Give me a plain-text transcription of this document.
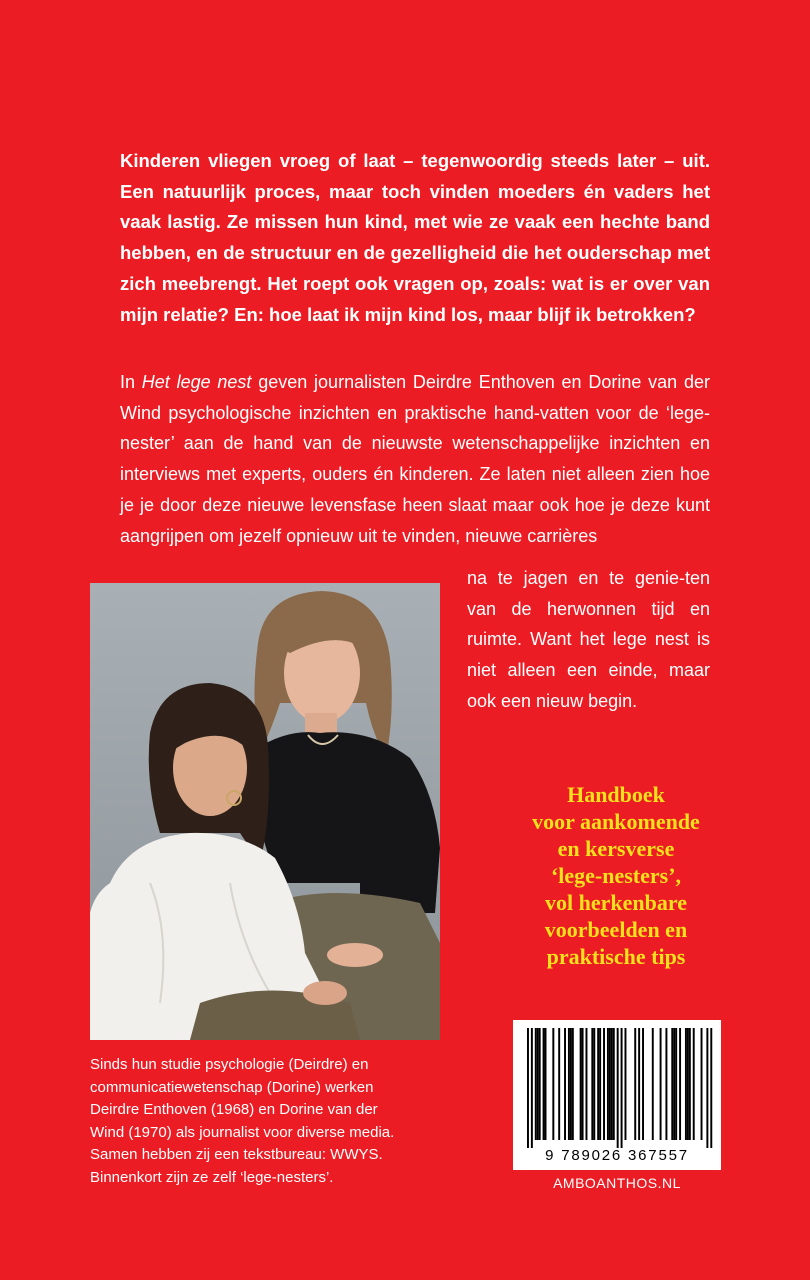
Kinderen vliegen vroeg of laat – tegenwoordig steeds later – uit. Een natuurlijk proces, maar toch vinden moeders én vaders het vaak lastig. Ze missen hun kind, met wie ze vaak een hechte band hebben, en de structuur en de gezelligheid die het ouderschap met zich meebrengt. Het roept ook vragen op, zoals: wat is er over van mijn relatie? En: hoe laat ik mijn kind los, maar blijf ik betrokken?

In Het lege nest geven journalisten Deirdre Enthoven en Dorine van der Wind psychologische inzichten en praktische hand-vatten voor de ‘lege-nester’ aan de hand van de nieuwste wetenschappelijke inzichten en interviews met experts, ouders én kinderen. Ze laten niet alleen zien hoe je je door deze nieuwe levensfase heen slaat maar ook hoe je deze kunt aangrijpen om jezelf opnieuw uit te vinden, nieuwe carrières

na te jagen en te genie-ten van de herwonnen tijd en ruimte. Want het lege nest is niet alleen een einde, maar ook een nieuw begin.

Handboek
voor aankomende
en kersverse
‘lege-nesters’,
vol herkenbare
voorbeelden en
praktische tips

Sinds hun studie psychologie (Deirdre) en
communicatiewetenschap (Dorine) werken
Deirdre Enthoven (1968) en Dorine van der
Wind (1970) als journalist voor diverse media.
Samen hebben zij een tekstbureau: WWYS.
Binnenkort zijn ze zelf ‘lege-nesters’.

9 789026 367557
AMBOANTHOS.NL
